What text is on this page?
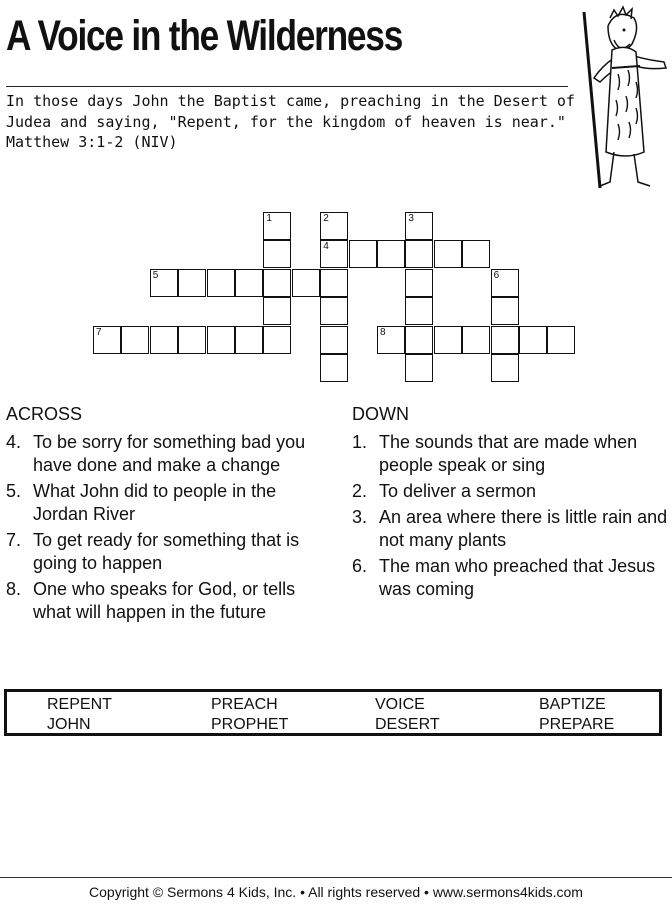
A Voice in the Wilderness
In those days John the Baptist came, preaching in the Desert of
Judea and saying, "Repent, for the kingdom of heaven is near."
Matthew 3:1-2 (NIV)
1	2
4
3
5	6
7	8
ACROSS
4. To be sorry for something bad you have done and make a change
5. What John did to people in the Jordan River
7. To get ready for something that is going to happen
8. One who speaks for God, or tells what will happen in the future
DOWN
1. The sounds that are made when people speak or sing
2. To deliver a sermon
3. An area where there is little rain and not many plants
6. The man who preached that Jesus was coming
REPENT	PREACH	VOICE	BAPTIZE
JOHN	PROPHET	DESERT	PREPARE
Copyright © Sermons 4 Kids, Inc. • All rights reserved • www.sermons4kids.com
